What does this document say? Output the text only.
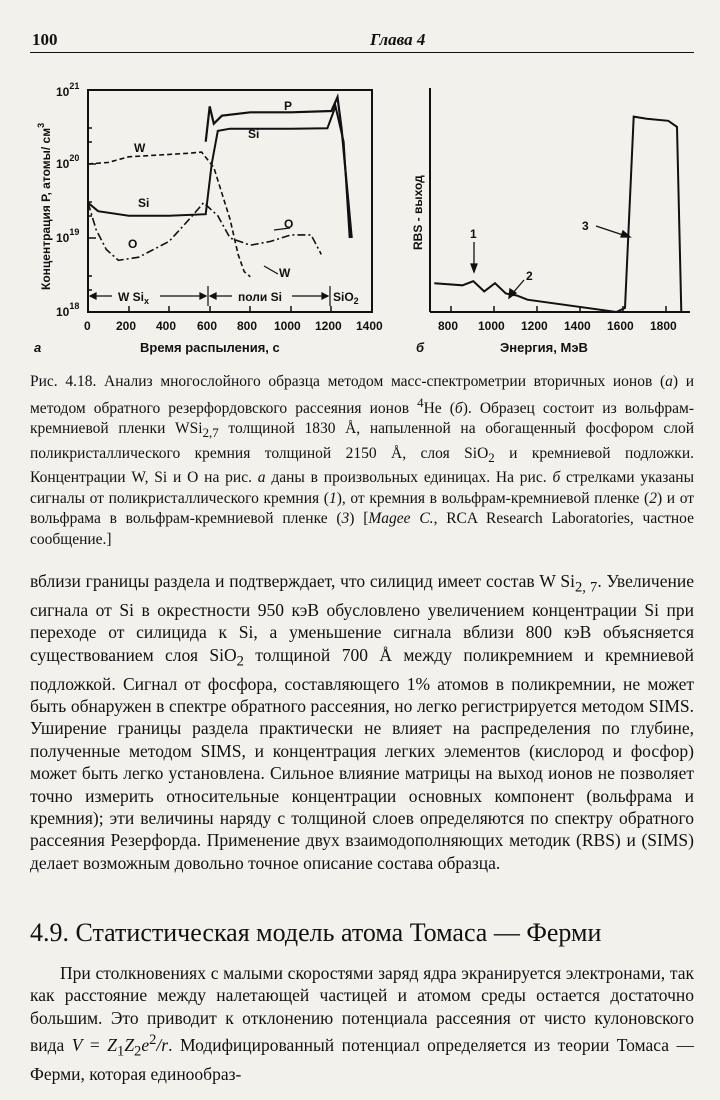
100	Глава 4
Концентрация Р, атомы/ $см^3$
$10^{21}$
$10^{20}$
$10^{19}$
$10^{18}$
0 200 400 600 800 1000 1200 1400
а	Время распыления, с
W
Si
O
P
Si
O
W
W $Si_x$	поли Si	SiO$_2$
RBS - выход
800 1000 1200 1400 1600 1800
б	Энергия, МэВ
1
2
3
Рис. 4.18. Анализ многослойного образца методом масс-спектрометрии вторичных ионов (а) и методом обратного резерфордовского рассеяния ионов $^4$Не (б). Образец состоит из вольфрам-кремниевой пленки WSi$_{2,7}$ толщиной 1830 Å, напыленной на обогащенный фосфором слой поликристаллического кремния толщиной 2150 Å, слоя SiO$_2$ и кремниевой подложки. Концентрации W, Si и O на рис. а даны в произвольных единицах. На рис. б стрелками указаны сигналы от поликристаллического кремния (1), от кремния в вольфрам-кремниевой пленке (2) и от вольфрама в вольфрам-кремниевой пленке (3) [Magee C., RCA Research Laboratories, частное сообщение.]

вблизи границы раздела и подтверждает, что силицид имеет состав W $Si_{2, 7}$. Увеличение сигнала от Si в окрестности 950 кэВ обусловлено увеличением концентрации Si при переходе от силицида к Si, а уменьшение сигнала вблизи 800 кэВ объясняется существованием слоя SiO$_2$ толщиной 700 Å между поликремнием и кремниевой подложкой. Сигнал от фосфора, составляющего 1% атомов в поликремнии, не может быть обнаружен в спектре обратного рассеяния, но легко регистрируется методом SIMS. Уширение границы раздела практически не влияет на распределения по глубине, полученные методом SIMS, и концентрация легких элементов (кислород и фосфор) может быть легко установлена. Сильное влияние матрицы на выход ионов не позволяет точно измерить относительные концентрации основных компонент (вольфрама и кремния); эти величины наряду с толщиной слоев определяются по спектру обратного рассеяния Резерфорда. Применение двух взаимодополняющих методик (RBS) и (SIMS) делает возможным довольно точное описание состава образца.

4.9. Статистическая модель атома Томаса — Ферми

При столкновениях с малыми скоростями заряд ядра экранируется электронами, так как расстояние между налетающей частицей и атомом среды остается достаточно большим. Это приводит к отклонению потенциала рассеяния от чисто кулоновского вида $V = Z_1Z_2e^2/r$. Модифицированный потенциал определяется из теории Томаса — Ферми, которая единообраз-
